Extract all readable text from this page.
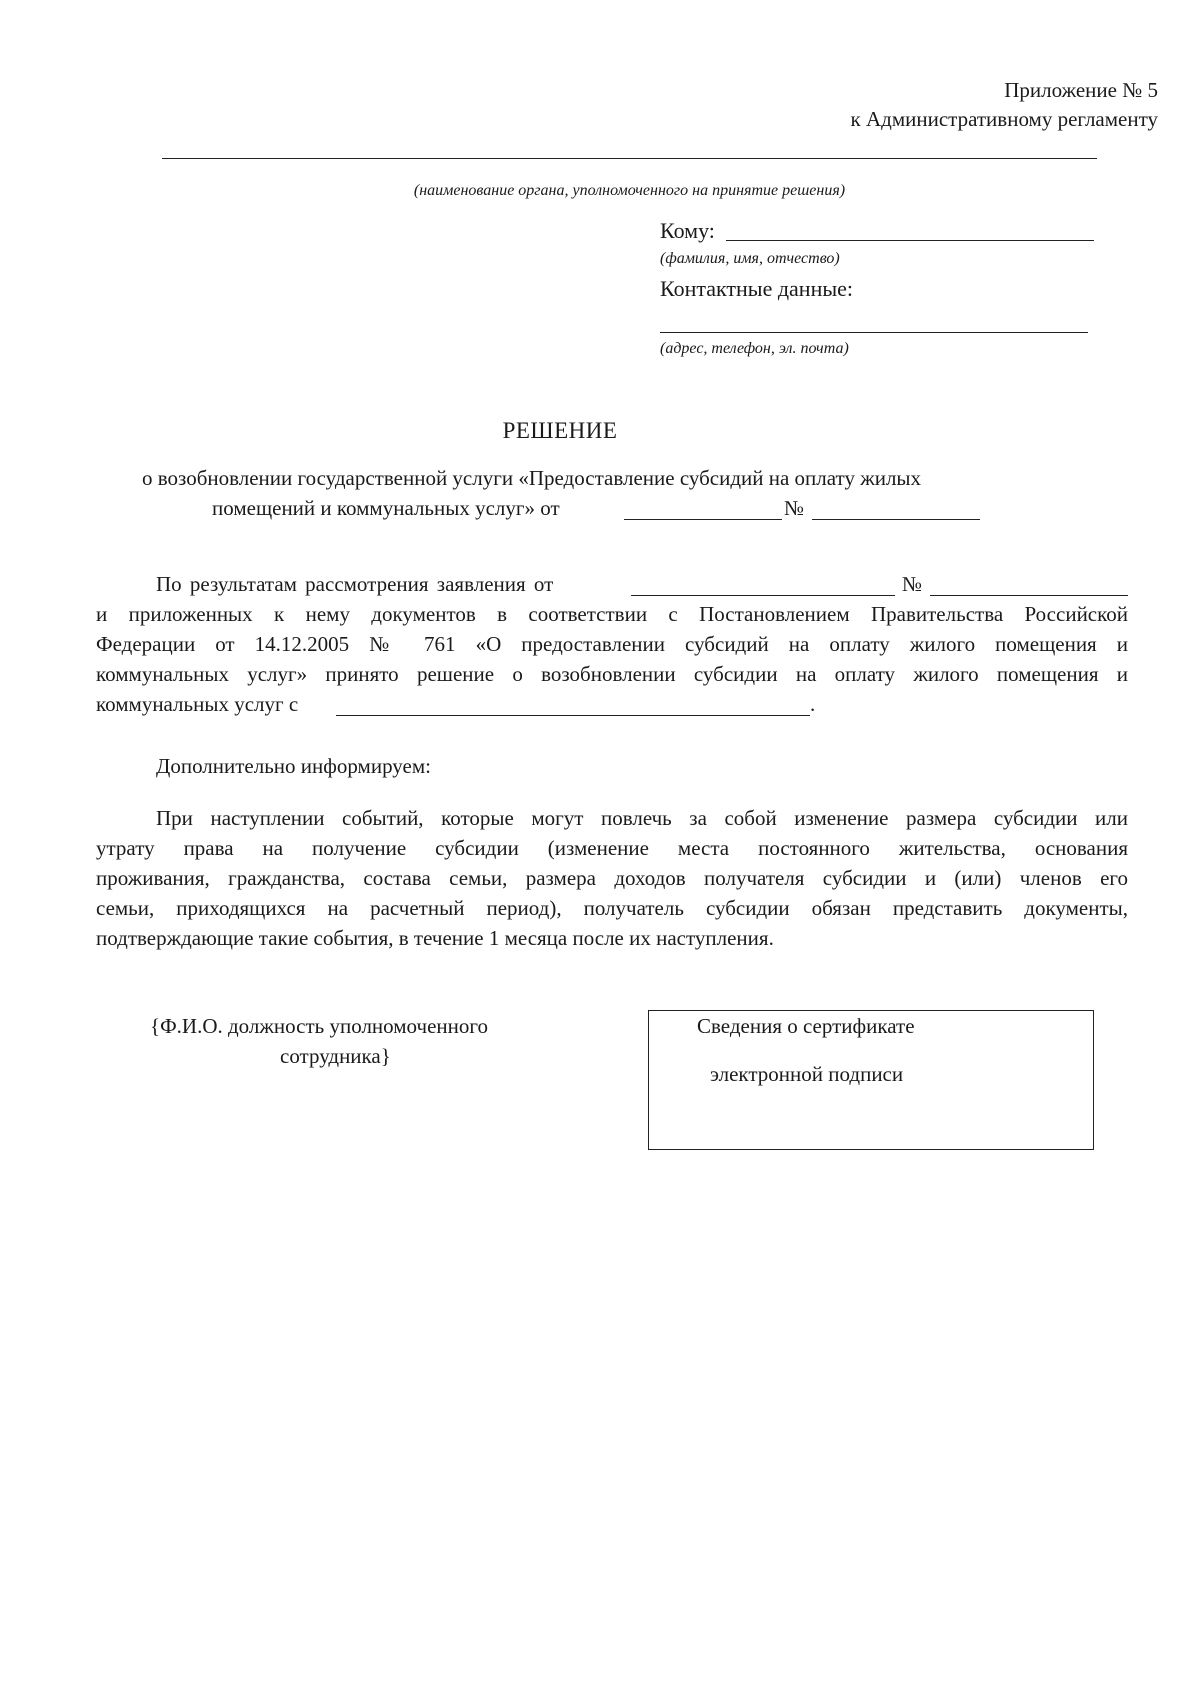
Приложение № 5
к Административному регламенту
(наименование органа, уполномоченного на принятие решения)
Кому:
(фамилия, имя, отчество)
Контактные данные:
(адрес, телефон, эл. почта)
РЕШЕНИЕ
о возобновлении государственной услуги «Предоставление субсидий на оплату жилых
помещений и коммунальных услуг» от	№
По результатам рассмотрения заявления от	№
и приложенных к нему документов в соответствии с Постановлением Правительства Российской
Федерации от 14.12.2005 № 761 «О предоставлении субсидий на оплату жилого помещения и
коммунальных услуг» принято решение о возобновлении субсидии на оплату жилого помещения и
коммунальных услуг с	.
Дополнительно информируем:
При наступлении событий, которые могут повлечь за собой изменение размера субсидии или
утрату права на получение субсидии (изменение места постоянного жительства, основания
проживания, гражданства, состава семьи, размера доходов получателя субсидии и (или) членов его
семьи, приходящихся на расчетный период), получатель субсидии обязан представить документы,
подтверждающие такие события, в течение 1 месяца после их наступления.
{Ф.И.О. должность уполномоченного
сотрудника}
Сведения о сертификате
электронной подписи
